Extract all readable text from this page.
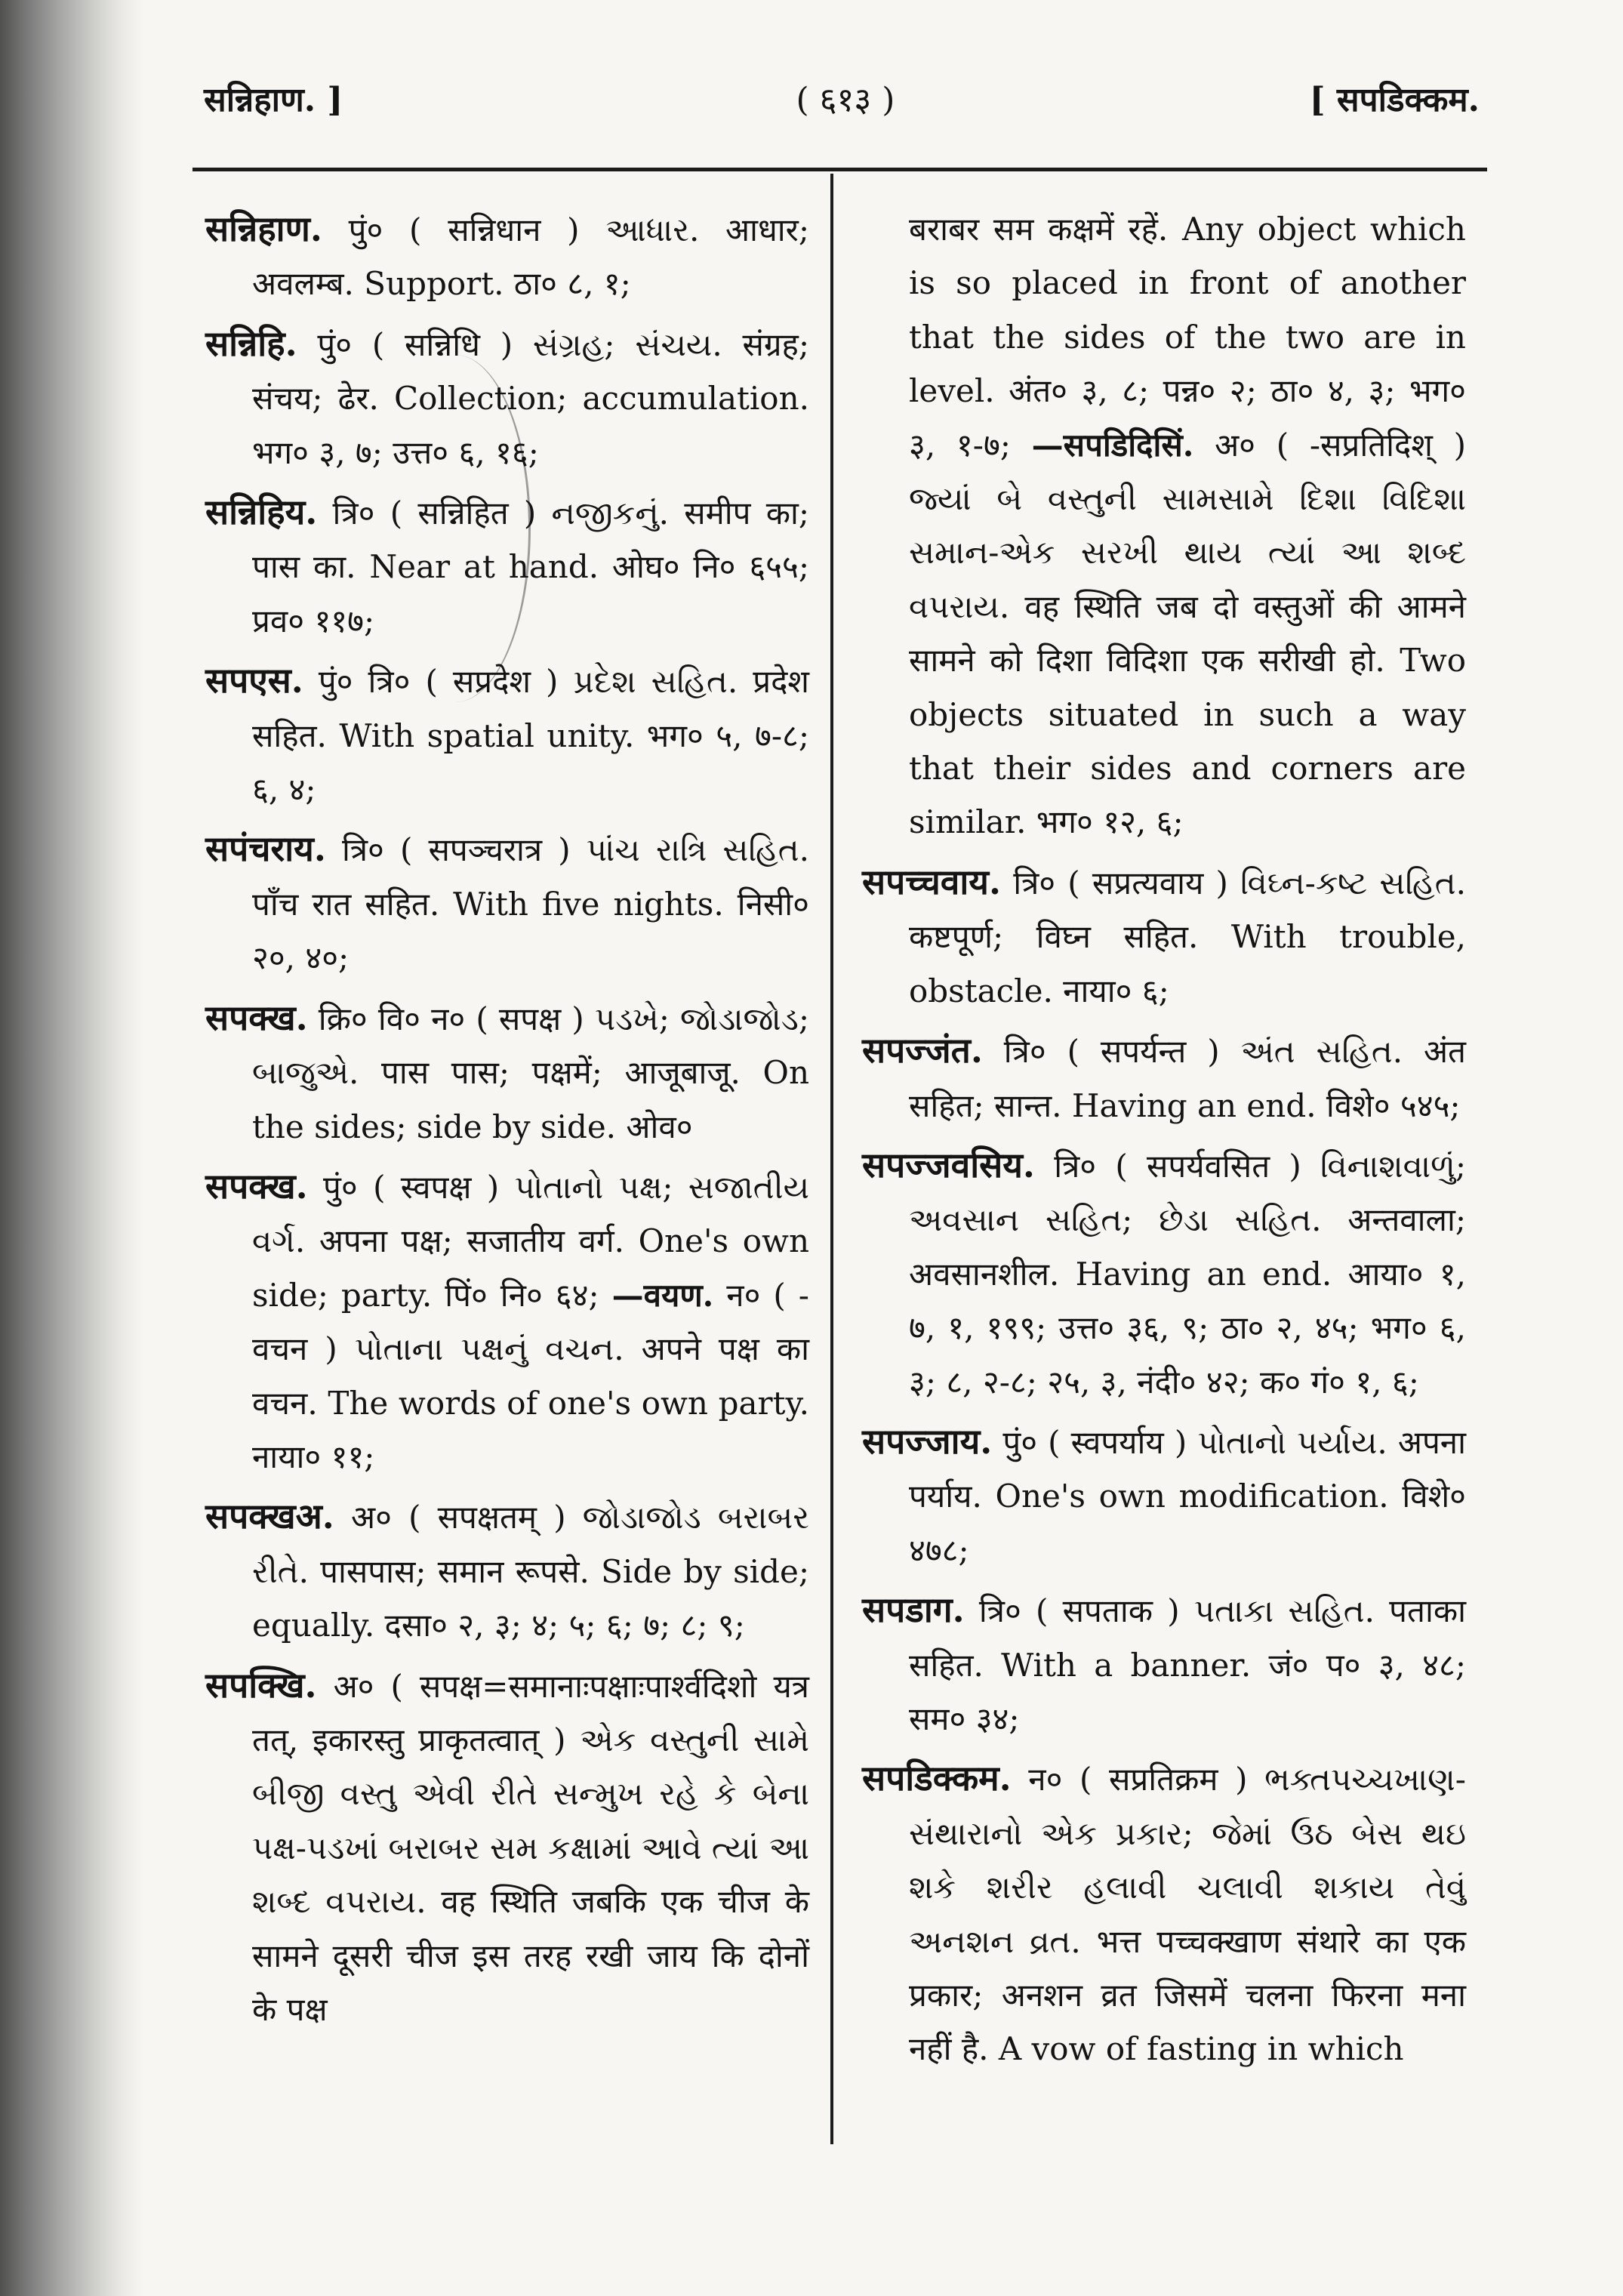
सन्निहाण. ]	( ६१३ )	[ सपडिक्कम.

सन्निहाण. पुं० ( सन्निधान ) આધાર. आधार; अवलम्ब. Support. ठा० ८, १;

सन्निहि. पुं० ( सन्निधि ) સંગ્રહ; સંચય. संग्रह; संचय; ढेर. Collection; accumulation. भग० ३, ७; उत्त० ६, १६;

सन्निहिय. त्रि० ( सन्निहित ) નજીકનું. समीप का; पास का. Near at hand. ओघ० नि० ६५५; प्रव० ११७;

सपएस. पुं० त्रि० ( सप्रदेश ) પ્રદેશ સહિત. प्रदेश सहित. With spatial unity. भग० ५, ७-८; ६, ४;

सपंचराय. त्रि० ( सपञ्चरात्र ) પાંચ રાત્રિ સહિત. पाँच रात सहित. With five nights. निसी० २०, ४०;

सपक्ख. क्रि० वि० न० ( सपक्ष ) પડખે; જોડાજોડ; બાજુએ. पास पास; पक्षमें; आजूबाजू. On the sides; side by side. ओव०

सपक्ख. पुं० ( स्वपक्ष ) પોતાનો પક્ષ; સજાતીય વર્ગ. अपना पक्ष; सजातीय वर्ग. One's own side; party. पिं० नि० ६४; —वयण. न० ( -वचन ) પોતાના પક્ષનું વચન. अपने पक्ष का वचन. The words of one's own party. नाया० ११;

सपक्खअ. अ० ( सपक्षतम् ) જોડાજોડ બરાબર રીતે. पासपास; समान रूपसे. Side by side; equally. दसा० २, ३; ४; ५; ६; ७; ८; ९;

सपक्खि. अ० ( सपक्ष=समानाःपक्षाःपार्श्वदिशो यत्र तत्, इकारस्तु प्राकृतत्वात् ) એક વસ્તુની સામે બીજી વસ્તુ એવી રીતે સન્મુખ રહે કે બેના પક્ષ-પડખાં બરાબર સમ કક્ષામાં આવે ત્યાં આ શબ્દ વપરાય. वह स्थिति जबकि एक चीज के सामने दूसरी चीज इस तरह रखी जाय कि दोनों के पक्ष

बराबर सम कक्षमें रहें. Any object which is so placed in front of another that the sides of the two are in level. अंत० ३, ८; पन्न० २; ठा० ४, ३; भग० ३, १-७; —सपडिदिसिं. अ० ( -सप्रतिदिश् ) જ્યાં બે વસ્તુની સામસામે દિશા વિદિશા સમાન-એક સરખી થાય ત્યાં આ શબ્દ વપરાય. वह स्थिति जब दो वस्तुओं की आमने सामने को दिशा विदिशा एक सरीखी हो. Two objects situated in such a way that their sides and corners are similar. भग० १२, ६;

सपच्चवाय. त्रि० ( सप्रत्यवाय ) વિઘ્ન-કષ્ટ સહિત. कष्टपूर्ण; विघ्न सहित. With trouble, obstacle. नाया० ६;

सपज्जंत. त्रि० ( सपर्यन्त ) અંત સહિત. अंत सहित; सान्त. Having an end. विशे० ५४५;

सपज्जवसिय. त्रि० ( सपर्यवसित ) વિનાશવાળું; અવસાન સહિત; છેડા સહિત. अन्तवाला; अवसानशील. Having an end. आया० १, ७, १, १९९; उत्त० ३६, ९; ठा० २, ४५; भग० ६, ३; ८, २-८; २५, ३, नंदी० ४२; क० गं० १, ६;

सपज्जाय. पुं० ( स्वपर्याय ) પોતાનો પર્યાય. अपना पर्याय. One's own modification. विशे० ४७८;

सपडाग. त्रि० ( सपताक ) પતાકા સહિત. पताका सहित. With a banner. जं० प० ३, ४८; सम० ३४;

सपडिक्कम. न० ( सप्रतिक्रम ) ભક્તપચ્ચખાણ-સંથારાનો એક પ્રકાર; જેમાં ઉઠ બેસ થઇ શકે શરીર હલાવી ચલાવી શકાય તેવું અનશન વ્રત. भत्त पच्चक्खाण संथारे का एक प्रकार; अनशन व्रत जिसमें चलना फिरना मना नहीं है. A vow of fasting in which
